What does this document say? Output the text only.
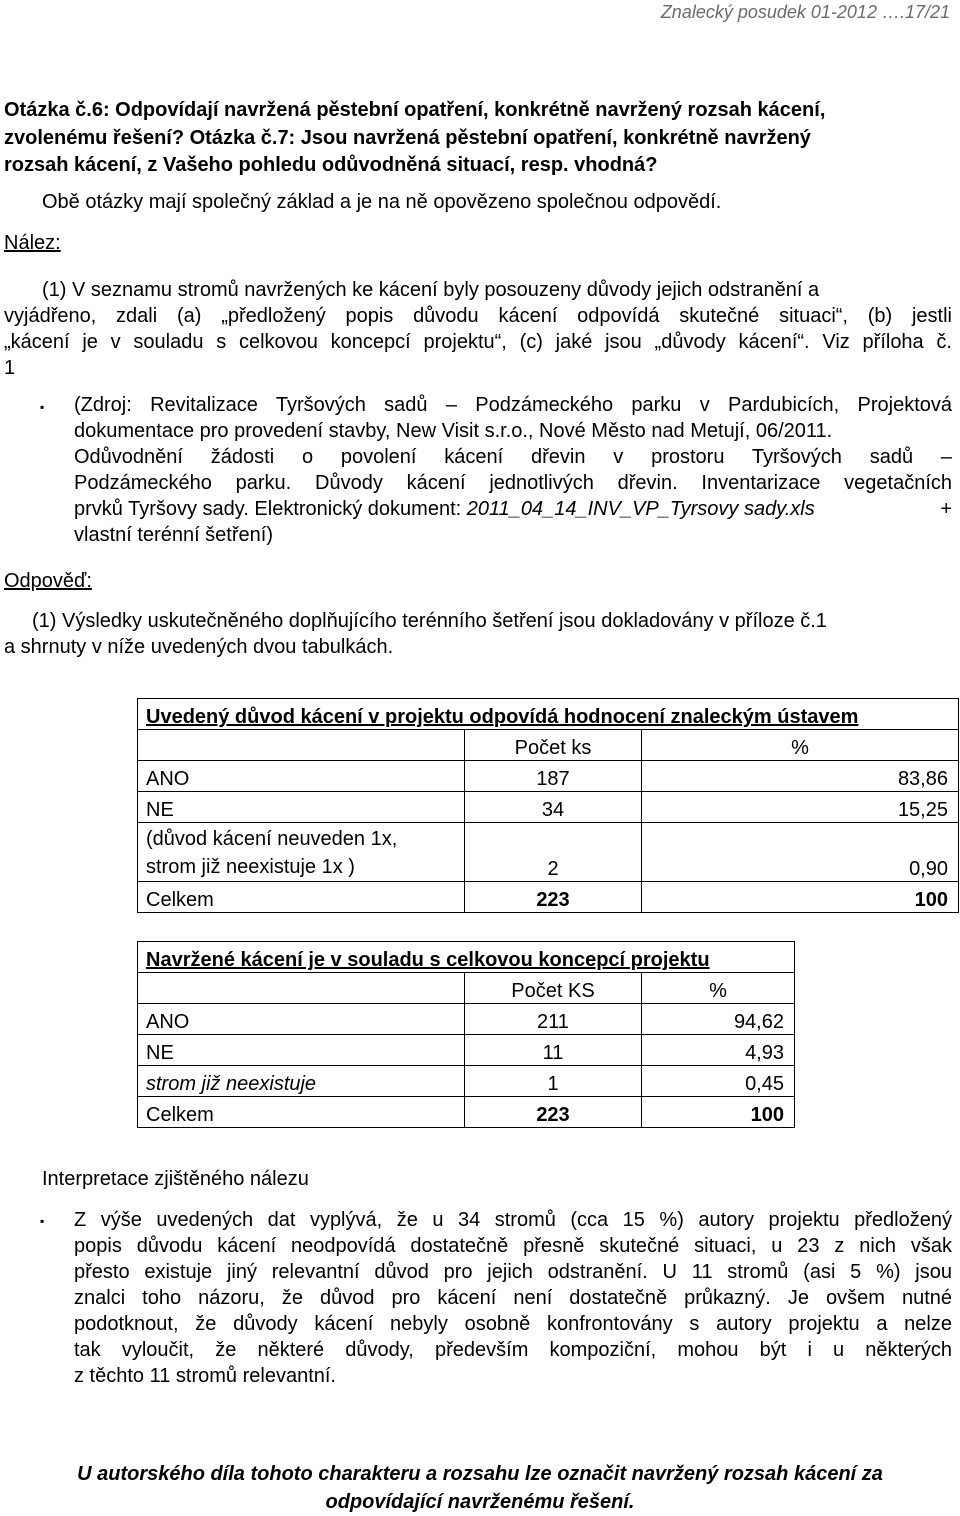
Znalecký posudek 01-2012 ….17/21
Otázka č.6: Odpovídají navržená pěstební opatření, konkrétně navržený rozsah kácení,
zvolenému řešení? Otázka č.7: Jsou navržená pěstební opatření, konkrétně navržený
rozsah kácení, z Vašeho pohledu odůvodněná situací, resp. vhodná?
Obě otázky mají společný základ a je na ně opovězeno společnou odpovědí.
Nález:
(1) V seznamu stromů navržených ke kácení byly posouzeny důvody jejich odstranění a
vyjádřeno, zdali (a) „předložený popis důvodu kácení odpovídá skutečné situaci“, (b) jestli
„kácení je v souladu s celkovou koncepcí projektu“, (c) jaké jsou „důvody kácení“. Viz příloha č.
1
▪ (Zdroj: Revitalizace Tyršových sadů – Podzámeckého parku v Pardubicích, Projektová
dokumentace pro provedení stavby, New Visit s.r.o., Nové Město nad Metují, 06/2011.
Odůvodnění žádosti o povolení kácení dřevin v prostoru Tyršových sadů –
Podzámeckého parku. Důvody kácení jednotlivých dřevin. Inventarizace vegetačních
prvků Tyršovy sady. Elektronický dokument: 2011_04_14_INV_VP_Tyrsovy sady.xls	+
vlastní terénní šetření)
Odpověď:
(1) Výsledky uskutečněného doplňujícího terénního šetření jsou dokladovány v příloze č.1
a shrnuty v níže uvedených dvou tabulkách.
Uvedený důvod kácení v projektu odpovídá hodnocení znaleckým ústavem		
	Počet ks	%
ANO	187	83,86
NE	34	15,25

(důvod kácení neuveden 1x,
strom již neexistuje 1x )	2	0,90
Celkem	223	100
Navržené kácení je v souladu s celkovou koncepcí projektu		
	Počet KS	%
ANO	211	94,62
NE	11	4,93
strom již neexistuje	1	0,45
Celkem	223	100
Interpretace zjištěného nálezu
▪ Z výše uvedených dat vyplývá, že u 34 stromů (cca 15 %) autory projektu předložený
popis důvodu kácení neodpovídá dostatečně přesně skutečné situaci, u 23 z nich však
přesto existuje jiný relevantní důvod pro jejich odstranění. U 11 stromů (asi 5 %) jsou
znalci toho názoru, že důvod pro kácení není dostatečně průkazný. Je ovšem nutné
podotknout, že důvody kácení nebyly osobně konfrontovány s autory projektu a nelze
tak vyloučit, že některé důvody, především kompoziční, mohou být i u některých
z těchto 11 stromů relevantní.
U autorského díla tohoto charakteru a rozsahu lze označit navržený rozsah kácení za
odpovídající navrženému řešení.
